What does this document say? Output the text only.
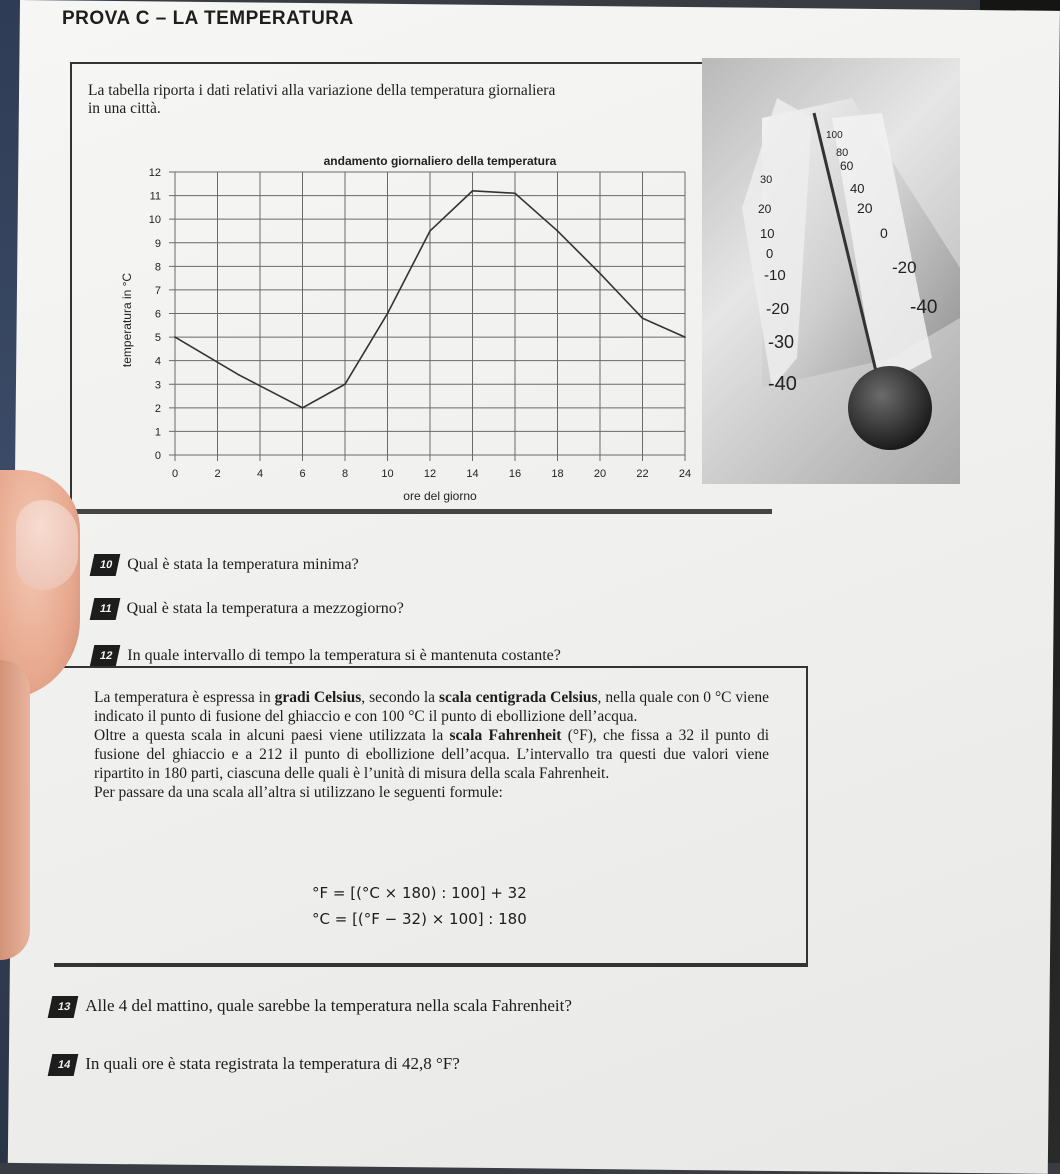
PROVA C – LA TEMPERATURA
La tabella riporta i dati relativi alla variazione della temperatura giornaliera
in una città.
30
20
10
0
-10
-20
-30
-40
100
80
60
40
20
0
-20
-40
andamento giornaliero della temperatura
0
1
2
3
4
5
6
7
8
9
10
11
12
0	2	4	6	8	10	12	14	16	18	20	22	24
ore del giorno
temperatura in °C
10 Qual è stata la temperatura minima?
11 Qual è stata la temperatura a mezzogiorno?
12 In quale intervallo di tempo la temperatura si è mantenuta costante?

La temperatura è espressa in gradi Celsius, secondo la scala centigrada Celsius, nella quale con 0 °C viene indicato il punto di fusione del ghiaccio e con 100 °C il punto di ebollizione dell’acqua.

Oltre a questa scala in alcuni paesi viene utilizzata la scala Fahrenheit (°F), che fissa a 32 il punto di fusione del ghiaccio e a 212 il punto di ebollizione dell’acqua. L’intervallo tra questi due valori viene ripartito in 180 parti, ciascuna delle quali è l’unità di misura della scala Fahrenheit.

Per passare da una scala all’altra si utilizzano le seguenti formule:

°F = [(°C × 180) : 100] + 32
°C = [(°F − 32) × 100] : 180
13 Alle 4 del mattino, quale sarebbe la temperatura nella scala Fahrenheit?
14 In quali ore è stata registrata la temperatura di 42,8 °F?
